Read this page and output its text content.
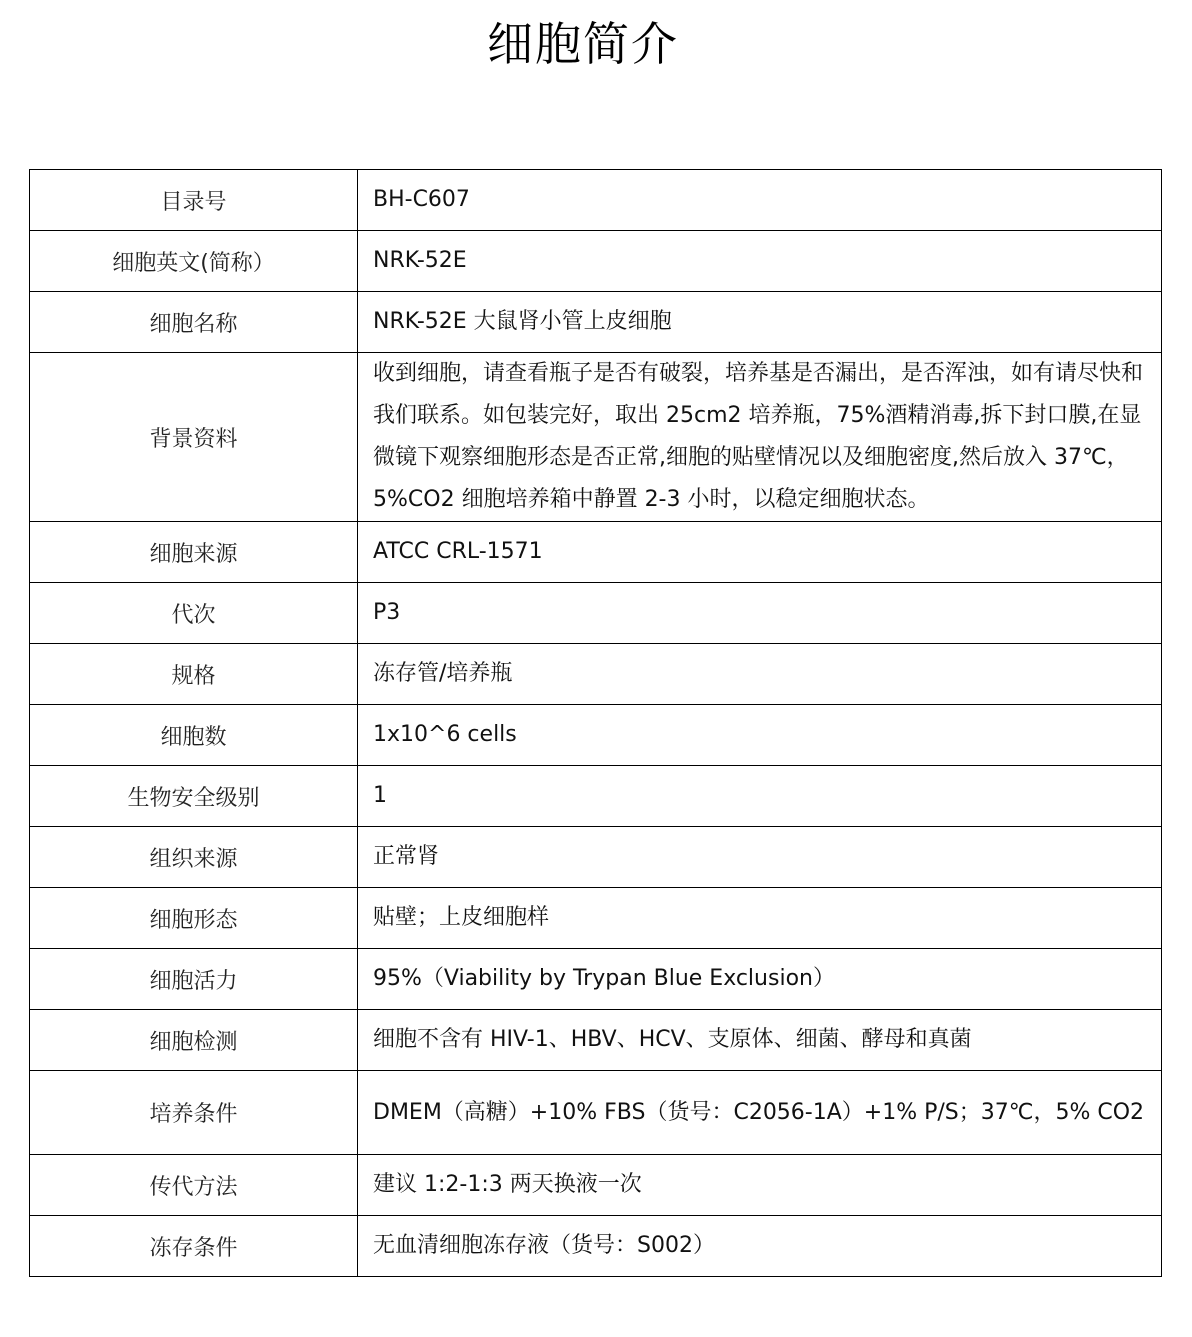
细胞简介
目录号	BH-C607
细胞英文(简称）	NRK-52E
细胞名称	NRK-52E 大鼠肾小管上皮细胞
背景资料	收到细胞，请查看瓶子是否有破裂，培养基是否漏出，是否浑浊，如有请尽快和我们联系。如包装完好，取出 25cm2 培养瓶，75%酒精消毒,拆下封口膜,在显微镜下观察细胞形态是否正常,细胞的贴壁情况以及细胞密度,然后放入 37℃，5%CO2 细胞培养箱中静置 2-3 小时，以稳定细胞状态。
细胞来源	ATCC CRL-1571
代次	P3
规格	冻存管/培养瓶
细胞数	1x10^6 cells
生物安全级别	1
组织来源	正常肾
细胞形态	贴壁；上皮细胞样
细胞活力	95%（Viability by Trypan Blue Exclusion）
细胞检测	细胞不含有 HIV-1、HBV、HCV、支原体、细菌、酵母和真菌
培养条件	DMEM（高糖）+10% FBS（货号：C2056-1A）+1% P/S；37℃，5% CO2
传代方法	建议 1:2-1:3 两天换液一次
冻存条件	无血清细胞冻存液（货号：S002）
